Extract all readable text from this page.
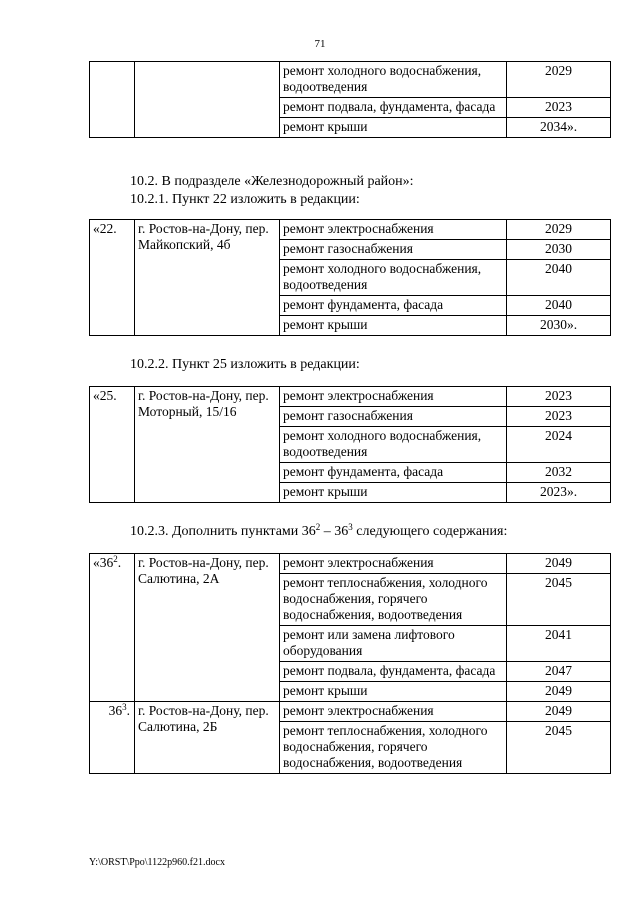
71
		ремонт холодного водоснабжения, водоотведения	2029
		ремонт подвала, фундамента, фасада	2023
		ремонт крыши	2034».
10.2. В подразделе «Железнодорожный район»:
10.2.1. Пункт 22 изложить в редакции:
«22.	г. Ростов-на-Дону, пер. Майкопский, 4б	ремонт электроснабжения	2029
		ремонт газоснабжения	2030
		ремонт холодного водоснабжения, водоотведения	2040
		ремонт фундамента, фасада	2040
		ремонт крыши	2030».
10.2.2. Пункт 25 изложить в редакции:
«25.	г. Ростов-на-Дону, пер. Моторный, 15/16	ремонт электроснабжения	2023
		ремонт газоснабжения	2023
		ремонт холодного водоснабжения, водоотведения	2024
		ремонт фундамента, фасада	2032
		ремонт крыши	2023».
10.2.3. Дополнить пунктами $36^2 - 36^3$ следующего содержания:
«$36^2$.	г. Ростов-на-Дону, пер. Салютина, 2А	ремонт электроснабжения	2049
		ремонт теплоснабжения, холодного водоснабжения, горячего водоснабжения, водоотведения	2045
		ремонт или замена лифтового оборудования	2041
		ремонт подвала, фундамента, фасада	2047
		ремонт крыши	2049
$36^3$.	г. Ростов-на-Дону, пер. Салютина, 2Б	ремонт электроснабжения	2049
		ремонт теплоснабжения, холодного водоснабжения, горячего водоснабжения, водоотведения	2045
Y:\ORST\Ppo\1122p960.f21.docx
